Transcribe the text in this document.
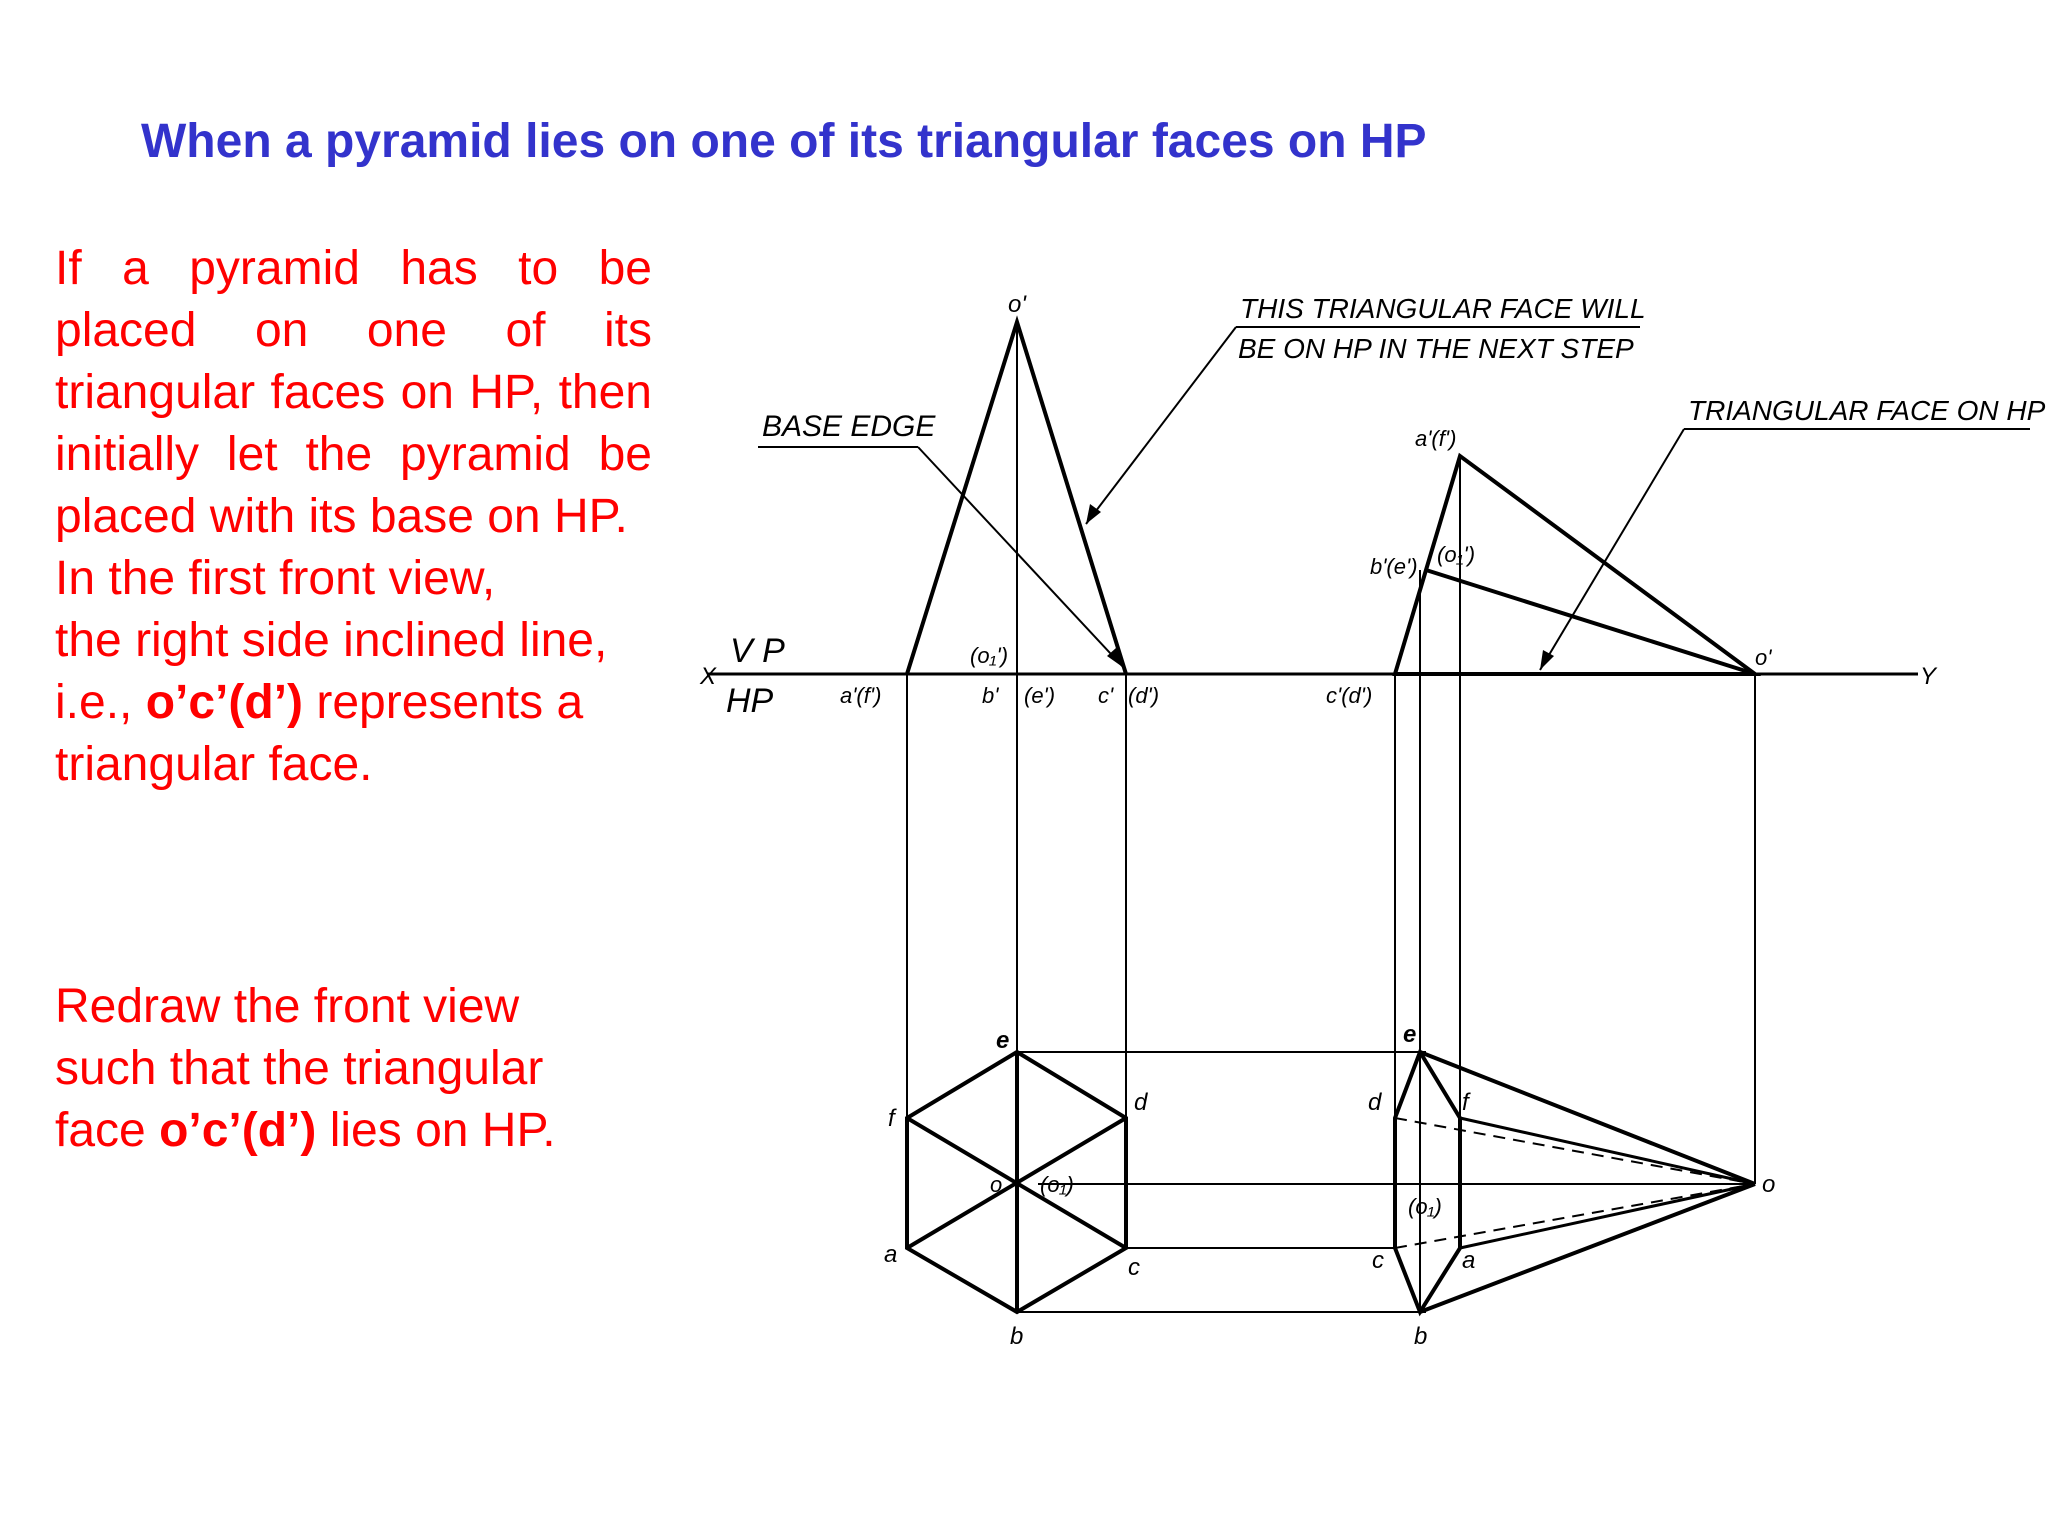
When a pyramid lies on one of its triangular faces on HP
If a pyramid has to be placed on one of its triangular faces on HP, then initially let the pyramid be placed with its base on HP.
In the first front view,
the right side inclined line,
i.e., o’c’(d’) represents a
triangular face.
Redraw the front view
such that the triangular
face o’c’(d’) lies on HP.
X	Y
V P
HP
o'
a'(f')
(o₁')
b' (e') c' (d')
THIS TRIANGULAR FACE WILL
BE ON HP IN THE NEXT STEP
BASE EDGE	TRIANGULAR FACE ON HP
a'(f')
b'(e') (o₁')
c'(d')
o'
e
d
f
o (o₁)
a	c
b
e
d	f
(o₁)
c	a
b
o
